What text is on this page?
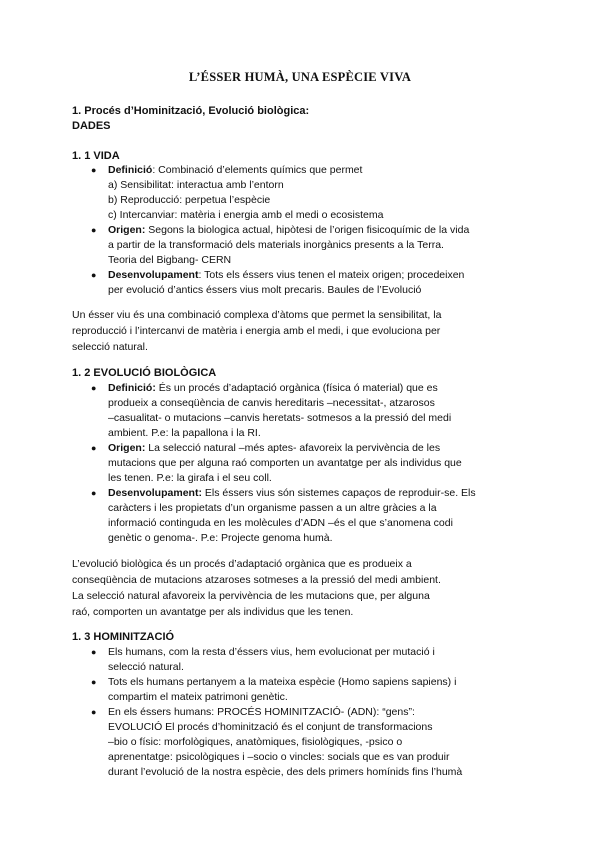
L’ÉSSER HUMÀ, UNA ESPÈCIE VIVA
1. Procés d’Hominització, Evolució biològica:
DADES
1. 1 VIDA
● Definició: Combinació d’elements químics que permet
a) Sensibilitat: interactua amb l’entorn
b) Reproducció: perpetua l’espècie
c) Intercanviar: matèria i energia amb el medi o ecosistema
● Origen: Segons la biologica actual, hipòtesi de l’origen fisicoquímic de la vida
a partir de la transformació dels materials inorgànics presents a la Terra.
Teoria del Bigbang- CERN
● Desenvolupament: Tots els éssers vius tenen el mateix origen; procedeixen
per evolució d’antics éssers vius molt precaris. Baules de l’Evolució
Un ésser viu és una combinació complexa d’àtoms que permet la sensibilitat, la
reproducció i l’intercanvi de matèria i energia amb el medi, i que evoluciona per
selecció natural.
1. 2 EVOLUCIÓ BIOLÒGICA
● Definició: És un procés d’adaptació orgànica (física ó material) que es
produeix a conseqüència de canvis hereditaris –necessitat-, atzarosos
–casualitat- o mutacions –canvis heretats- sotmesos a la pressió del medi
ambient. P.e: la papallona i la RI.
● Origen: La selecció natural –més aptes- afavoreix la pervivència de les
mutacions que per alguna raó comporten un avantatge per als individus que
les tenen. P.e: la girafa i el seu coll.
● Desenvolupament: Els éssers vius són sistemes capaços de reproduir-se. Els
caràcters i les propietats d’un organisme passen a un altre gràcies a la
informació continguda en les molècules d’ADN –és el que s’anomena codi
genètic o genoma-. P.e: Projecte genoma humà.
L’evolució biològica és un procés d’adaptació orgànica que es produeix a
conseqüència de mutacions atzaroses sotmeses a la pressió del medi ambient.
La selecció natural afavoreix la pervivència de les mutacions que, per alguna
raó, comporten un avantatge per als individus que les tenen.
1. 3 HOMINITZACIÓ
● Els humans, com la resta d’éssers vius, hem evolucionat per mutació i
selecció natural.
● Tots els humans pertanyem a la mateixa espècie (Homo sapiens sapiens) i
compartim el mateix patrimoni genètic.
● En els éssers humans: PROCÉS HOMINITZACIÓ- (ADN): “gens”:
EVOLUCIÓ El procés d’hominització és el conjunt de transformacions
–bio o físic: morfològiques, anatòmiques, fisiològiques, -psico o
aprenentatge: psicològiques i –socio o vincles: socials que es van produir
durant l’evolució de la nostra espècie, des dels primers homínids fins l’humà
